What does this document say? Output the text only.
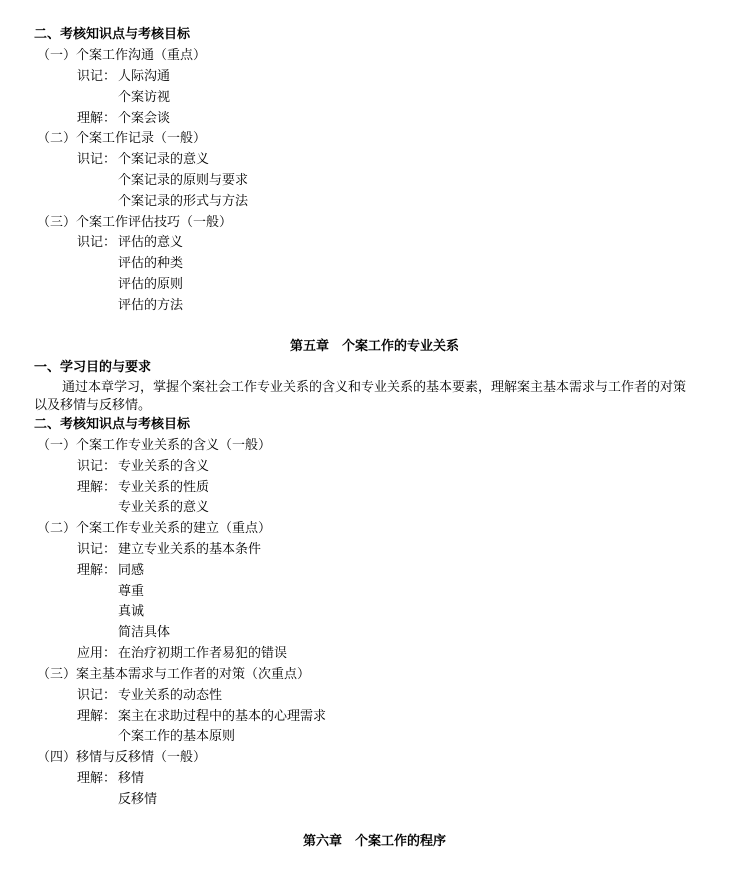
二、考核知识点与考核目标
（一）个案工作沟通（重点）
识记： 人际沟通
个案访视
理解： 个案会谈
（二）个案工作记录（一般）
识记： 个案记录的意义
个案记录的原则与要求
个案记录的形式与方法
（三）个案工作评估技巧（一般）
识记： 评估的意义
评估的种类
评估的原则
评估的方法
第五章　个案工作的专业关系
一、学习目的与要求
通过本章学习，掌握个案社会工作专业关系的含义和专业关系的基本要素，理解案主基本需求与工作者的对策
以及移情与反移情。
二、考核知识点与考核目标
（一）个案工作专业关系的含义（一般）
识记： 专业关系的含义
理解： 专业关系的性质
专业关系的意义
（二）个案工作专业关系的建立（重点）
识记： 建立专业关系的基本条件
理解： 同感
尊重
真诚
简洁具体
应用： 在治疗初期工作者易犯的错误
（三）案主基本需求与工作者的对策（次重点）
识记： 专业关系的动态性
理解： 案主在求助过程中的基本的心理需求
个案工作的基本原则
（四）移情与反移情（一般）
理解： 移情
反移情
第六章　个案工作的程序
